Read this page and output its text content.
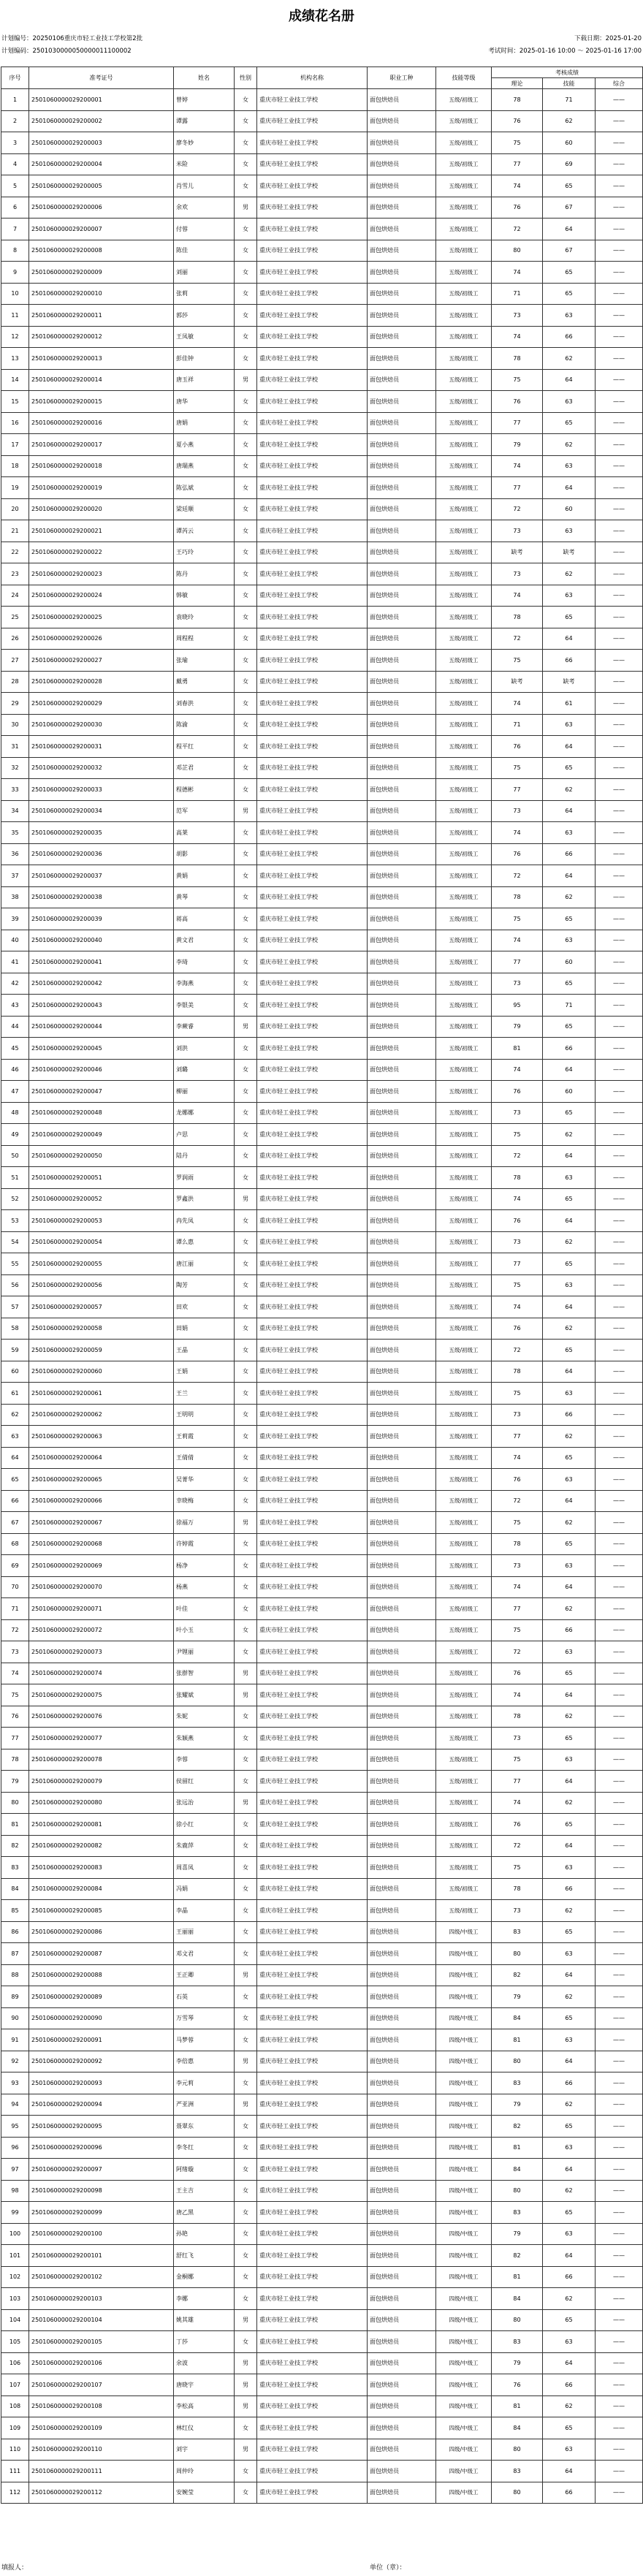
成绩花名册
计划编号：20250106重庆市轻工业技工学校第2批	下载日期：2025-01-20
计划编码：2501030000050000011100002	考试时间：2025-01-16 10:00 ～ 2025-01-16 17:00
序号	准考证号	姓名	性别	机构名称	职业工种	技能等级	考核成绩		
							理论	技能	综合
1	2501060000029200001	曾婷	女	重庆市轻工业技工学校	面包烘焙员	五级/初级工	78	71	——
2	2501060000029200002	谭露	女	重庆市轻工业技工学校	面包烘焙员	五级/初级工	76	62	——
3	2501060000029200003	廖冬妙	女	重庆市轻工业技工学校	面包烘焙员	五级/初级工	75	60	——
4	2501060000029200004	米险	女	重庆市轻工业技工学校	面包烘焙员	五级/初级工	77	69	——
5	2501060000029200005	肖雪儿	女	重庆市轻工业技工学校	面包烘焙员	五级/初级工	74	65	——
6	2501060000029200006	余欢	男	重庆市轻工业技工学校	面包烘焙员	五级/初级工	76	67	——
7	2501060000029200007	付蓉	女	重庆市轻工业技工学校	面包烘焙员	五级/初级工	72	64	——
8	2501060000029200008	陈佳	女	重庆市轻工业技工学校	面包烘焙员	五级/初级工	80	67	——
9	2501060000029200009	刘丽	女	重庆市轻工业技工学校	面包烘焙员	五级/初级工	74	65	——
10	2501060000029200010	张莉	女	重庆市轻工业技工学校	面包烘焙员	五级/初级工	71	65	——
11	2501060000029200011	郭莎	女	重庆市轻工业技工学校	面包烘焙员	五级/初级工	73	63	——
12	2501060000029200012	王凤敏	女	重庆市轻工业技工学校	面包烘焙员	五级/初级工	74	66	——
13	2501060000029200013	彭佳钟	女	重庆市轻工业技工学校	面包烘焙员	五级/初级工	78	62	——
14	2501060000029200014	唐玉祥	男	重庆市轻工业技工学校	面包烘焙员	五级/初级工	75	64	——
15	2501060000029200015	唐华	女	重庆市轻工业技工学校	面包烘焙员	五级/初级工	76	63	——
16	2501060000029200016	唐娟	女	重庆市轻工业技工学校	面包烘焙员	五级/初级工	77	65	——
17	2501060000029200017	夏小燕	女	重庆市轻工业技工学校	面包烘焙员	五级/初级工	79	62	——
18	2501060000029200018	唐瑞燕	女	重庆市轻工业技工学校	面包烘焙员	五级/初级工	74	63	——
19	2501060000029200019	陈弘斌	女	重庆市轻工业技工学校	面包烘焙员	五级/初级工	77	64	——
20	2501060000029200020	梁廷顺	女	重庆市轻工业技工学校	面包烘焙员	五级/初级工	72	60	——
21	2501060000029200021	谭芮云	女	重庆市轻工业技工学校	面包烘焙员	五级/初级工	73	63	——
22	2501060000029200022	王巧玲	女	重庆市轻工业技工学校	面包烘焙员	五级/初级工	缺考	缺考	——
23	2501060000029200023	陈丹	女	重庆市轻工业技工学校	面包烘焙员	五级/初级工	73	62	——
24	2501060000029200024	韩敏	女	重庆市轻工业技工学校	面包烘焙员	五级/初级工	74	63	——
25	2501060000029200025	袁晓玲	女	重庆市轻工业技工学校	面包烘焙员	五级/初级工	78	65	——
26	2501060000029200026	周程程	女	重庆市轻工业技工学校	面包烘焙员	五级/初级工	72	64	——
27	2501060000029200027	张瑜	女	重庆市轻工业技工学校	面包烘焙员	五级/初级工	75	66	——
28	2501060000029200028	戴勇	女	重庆市轻工业技工学校	面包烘焙员	五级/初级工	缺考	缺考	——
29	2501060000029200029	刘春洪	女	重庆市轻工业技工学校	面包烘焙员	五级/初级工	74	61	——
30	2501060000029200030	陈渝	女	重庆市轻工业技工学校	面包烘焙员	五级/初级工	71	63	——
31	2501060000029200031	程平红	女	重庆市轻工业技工学校	面包烘焙员	五级/初级工	76	64	——
32	2501060000029200032	邓芷君	女	重庆市轻工业技工学校	面包烘焙员	五级/初级工	75	65	——
33	2501060000029200033	程德彬	女	重庆市轻工业技工学校	面包烘焙员	五级/初级工	77	62	——
34	2501060000029200034	范军	男	重庆市轻工业技工学校	面包烘焙员	五级/初级工	73	64	——
35	2501060000029200035	高莱	女	重庆市轻工业技工学校	面包烘焙员	五级/初级工	74	63	——
36	2501060000029200036	胡影	女	重庆市轻工业技工学校	面包烘焙员	五级/初级工	76	66	——
37	2501060000029200037	黄娟	女	重庆市轻工业技工学校	面包烘焙员	五级/初级工	72	64	——
38	2501060000029200038	黄琴	女	重庆市轻工业技工学校	面包烘焙员	五级/初级工	78	62	——
39	2501060000029200039	蒋高	女	重庆市轻工业技工学校	面包烘焙员	五级/初级工	75	65	——
40	2501060000029200040	黄文君	女	重庆市轻工业技工学校	面包烘焙员	五级/初级工	74	63	——
41	2501060000029200041	李琦	女	重庆市轻工业技工学校	面包烘焙员	五级/初级工	77	60	——
42	2501060000029200042	李海燕	女	重庆市轻工业技工学校	面包烘焙员	五级/初级工	73	65	——
43	2501060000029200043	李银美	女	重庆市轻工业技工学校	面包烘焙员	五级/初级工	95	71	——
44	2501060000029200044	李蕨睿	男	重庆市轻工业技工学校	面包烘焙员	五级/初级工	79	65	——
45	2501060000029200045	刘洪	女	重庆市轻工业技工学校	面包烘焙员	五级/初级工	81	66	——
46	2501060000029200046	刘璐	女	重庆市轻工业技工学校	面包烘焙员	五级/初级工	74	64	——
47	2501060000029200047	柳丽	女	重庆市轻工业技工学校	面包烘焙员	五级/初级工	76	60	——
48	2501060000029200048	龙娜娜	女	重庆市轻工业技工学校	面包烘焙员	五级/初级工	73	65	——
49	2501060000029200049	卢思	女	重庆市轻工业技工学校	面包烘焙员	五级/初级工	75	62	——
50	2501060000029200050	陆丹	女	重庆市轻工业技工学校	面包烘焙员	五级/初级工	72	64	——
51	2501060000029200051	罗润雨	女	重庆市轻工业技工学校	面包烘焙员	五级/初级工	78	63	——
52	2501060000029200052	罗鑫洪	男	重庆市轻工业技工学校	面包烘焙员	五级/初级工	74	65	——
53	2501060000029200053	冉先凤	女	重庆市轻工业技工学校	面包烘焙员	五级/初级工	76	64	——
54	2501060000029200054	谭么惠	女	重庆市轻工业技工学校	面包烘焙员	五级/初级工	73	62	——
55	2501060000029200055	唐江丽	女	重庆市轻工业技工学校	面包烘焙员	五级/初级工	77	65	——
56	2501060000029200056	陶芳	女	重庆市轻工业技工学校	面包烘焙员	五级/初级工	75	63	——
57	2501060000029200057	田欢	女	重庆市轻工业技工学校	面包烘焙员	五级/初级工	74	64	——
58	2501060000029200058	田娟	女	重庆市轻工业技工学校	面包烘焙员	五级/初级工	76	62	——
59	2501060000029200059	王晶	女	重庆市轻工业技工学校	面包烘焙员	五级/初级工	72	65	——
60	2501060000029200060	王娟	女	重庆市轻工业技工学校	面包烘焙员	五级/初级工	78	64	——
61	2501060000029200061	王兰	女	重庆市轻工业技工学校	面包烘焙员	五级/初级工	75	63	——
62	2501060000029200062	王明明	女	重庆市轻工业技工学校	面包烘焙员	五级/初级工	73	66	——
63	2501060000029200063	王莉霞	女	重庆市轻工业技工学校	面包烘焙员	五级/初级工	77	62	——
64	2501060000029200064	王倩倩	女	重庆市轻工业技工学校	面包烘焙员	五级/初级工	74	65	——
65	2501060000029200065	吴菁华	女	重庆市轻工业技工学校	面包烘焙员	五级/初级工	76	63	——
66	2501060000029200066	幸晓梅	女	重庆市轻工业技工学校	面包烘焙员	五级/初级工	72	64	——
67	2501060000029200067	徐福万	男	重庆市轻工业技工学校	面包烘焙员	五级/初级工	75	62	——
68	2501060000029200068	许婷霞	女	重庆市轻工业技工学校	面包烘焙员	五级/初级工	78	65	——
69	2501060000029200069	杨净	女	重庆市轻工业技工学校	面包烘焙员	五级/初级工	73	63	——
70	2501060000029200070	杨燕	女	重庆市轻工业技工学校	面包烘焙员	五级/初级工	74	64	——
71	2501060000029200071	叶佳	女	重庆市轻工业技工学校	面包烘焙员	五级/初级工	77	62	——
72	2501060000029200072	叶小玉	女	重庆市轻工业技工学校	面包烘焙员	五级/初级工	75	66	——
73	2501060000029200073	尹锂丽	女	重庆市轻工业技工学校	面包烘焙员	五级/初级工	72	63	——
74	2501060000029200074	张群智	男	重庆市轻工业技工学校	面包烘焙员	五级/初级工	76	65	——
75	2501060000029200075	张耀斌	男	重庆市轻工业技工学校	面包烘焙员	五级/初级工	74	64	——
76	2501060000029200076	朱妮	女	重庆市轻工业技工学校	面包烘焙员	五级/初级工	78	62	——
77	2501060000029200077	朱颖燕	女	重庆市轻工业技工学校	面包烘焙员	五级/初级工	73	65	——
78	2501060000029200078	李蓉	女	重庆市轻工业技工学校	面包烘焙员	五级/初级工	75	63	——
79	2501060000029200079	侯留红	女	重庆市轻工业技工学校	面包烘焙员	五级/初级工	77	64	——
80	2501060000029200080	张远治	男	重庆市轻工业技工学校	面包烘焙员	五级/初级工	74	62	——
81	2501060000029200081	徐小红	女	重庆市轻工业技工学校	面包烘焙员	五级/初级工	76	65	——
82	2501060000029200082	朱鹿萍	女	重庆市轻工业技工学校	面包烘焙员	五级/初级工	72	64	——
83	2501060000029200083	周喜凤	女	重庆市轻工业技工学校	面包烘焙员	五级/初级工	75	63	——
84	2501060000029200084	冯娟	女	重庆市轻工业技工学校	面包烘焙员	五级/初级工	78	66	——
85	2501060000029200085	李晶	女	重庆市轻工业技工学校	面包烘焙员	五级/初级工	73	62	——
86	2501060000029200086	王丽丽	女	重庆市轻工业技工学校	面包烘焙员	四级/中级工	83	65	——
87	2501060000029200087	邓文君	女	重庆市轻工业技工学校	面包烘焙员	四级/中级工	80	63	——
88	2501060000029200088	王正卿	男	重庆市轻工业技工学校	面包烘焙员	四级/中级工	82	64	——
89	2501060000029200089	石英	女	重庆市轻工业技工学校	面包烘焙员	四级/中级工	79	62	——
90	2501060000029200090	万雪琴	女	重庆市轻工业技工学校	面包烘焙员	四级/中级工	84	65	——
91	2501060000029200091	马梦蓉	女	重庆市轻工业技工学校	面包烘焙员	四级/中级工	81	63	——
92	2501060000029200092	李倍惠	男	重庆市轻工业技工学校	面包烘焙员	四级/中级工	80	64	——
93	2501060000029200093	李元莉	女	重庆市轻工业技工学校	面包烘焙员	四级/中级工	83	66	——
94	2501060000029200094	严亚洲	男	重庆市轻工业技工学校	面包烘焙员	四级/中级工	79	62	——
95	2501060000029200095	聂翠东	女	重庆市轻工业技工学校	面包烘焙员	四级/中级工	82	65	——
96	2501060000029200096	李冬红	女	重庆市轻工业技工学校	面包烘焙员	四级/中级工	81	63	——
97	2501060000029200097	阿绪璇	女	重庆市轻工业技工学校	面包烘焙员	四级/中级工	84	64	——
98	2501060000029200098	王主吉	女	重庆市轻工业技工学校	面包烘焙员	四级/中级工	80	62	——
99	2501060000029200099	唐乙黑	女	重庆市轻工业技工学校	面包烘焙员	四级/中级工	83	65	——
100	2501060000029200100	孙艳	女	重庆市轻工业技工学校	面包烘焙员	四级/中级工	79	63	——
101	2501060000029200101	舒红飞	女	重庆市轻工业技工学校	面包烘焙员	四级/中级工	82	64	——
102	2501060000029200102	金桐娜	女	重庆市轻工业技工学校	面包烘焙员	四级/中级工	81	66	——
103	2501060000029200103	李娜	女	重庆市轻工业技工学校	面包烘焙员	四级/中级工	84	62	——
104	2501060000029200104	姚其雄	男	重庆市轻工业技工学校	面包烘焙员	四级/中级工	80	65	——
105	2501060000029200105	丁莎	女	重庆市轻工业技工学校	面包烘焙员	四级/中级工	83	63	——
106	2501060000029200106	余波	男	重庆市轻工业技工学校	面包烘焙员	四级/中级工	79	64	——
107	2501060000029200107	唐晓宇	男	重庆市轻工业技工学校	面包烘焙员	四级/中级工	76	66	——
108	2501060000029200108	李松高	男	重庆市轻工业技工学校	面包烘焙员	四级/中级工	81	62	——
109	2501060000029200109	林红仪	女	重庆市轻工业技工学校	面包烘焙员	四级/中级工	84	65	——
110	2501060000029200110	刘宇	男	重庆市轻工业技工学校	面包烘焙员	四级/中级工	80	63	——
111	2501060000029200111	周仲玲	女	重庆市轻工业技工学校	面包烘焙员	四级/中级工	83	64	——
112	2501060000029200112	安婉莹	女	重庆市轻工业技工学校	面包烘焙员	四级/中级工	80	66	——
填报人：	单位（章）：
